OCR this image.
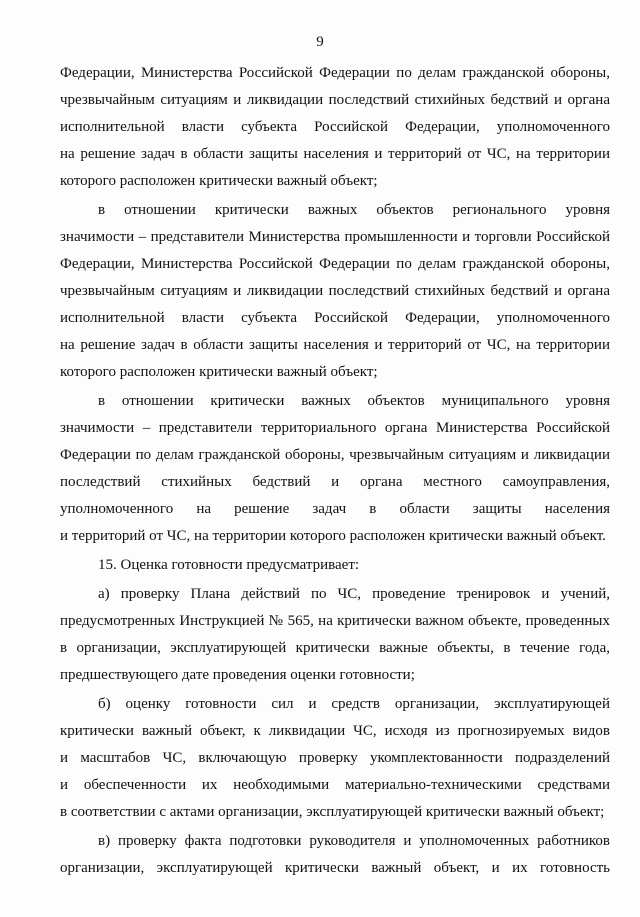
9
Федерации, Министерства Российской Федерации по делам гражданской обороны,
чрезвычайным ситуациям и ликвидации последствий стихийных бедствий и органа
исполнительной власти субъекта Российской Федерации, уполномоченного
на решение задач в области защиты населения и территорий от ЧС, на территории
которого расположен критически важный объект;
в отношении критически важных объектов регионального уровня
значимости – представители Министерства промышленности и торговли Российской
Федерации, Министерства Российской Федерации по делам гражданской обороны,
чрезвычайным ситуациям и ликвидации последствий стихийных бедствий и органа
исполнительной власти субъекта Российской Федерации, уполномоченного
на решение задач в области защиты населения и территорий от ЧС, на территории
которого расположен критически важный объект;
в отношении критически важных объектов муниципального уровня
значимости – представители территориального органа Министерства Российской
Федерации по делам гражданской обороны, чрезвычайным ситуациям и ликвидации
последствий стихийных бедствий и органа местного самоуправления,
уполномоченного на решение задач в области защиты населения
и территорий от ЧС, на территории которого расположен критически важный объект.
15. Оценка готовности предусматривает:
а) проверку Плана действий по ЧС, проведение тренировок и учений,
предусмотренных Инструкцией № 565, на критически важном объекте, проведенных
в организации, эксплуатирующей критически важные объекты, в течение года,
предшествующего дате проведения оценки готовности;
б) оценку готовности сил и средств организации, эксплуатирующей
критически важный объект, к ликвидации ЧС, исходя из прогнозируемых видов
и масштабов ЧС, включающую проверку укомплектованности подразделений
и обеспеченности их необходимыми материально-техническими средствами
в соответствии с актами организации, эксплуатирующей критически важный объект;
в) проверку факта подготовки руководителя и уполномоченных работников
организации, эксплуатирующей критически важный объект, и их готовность
